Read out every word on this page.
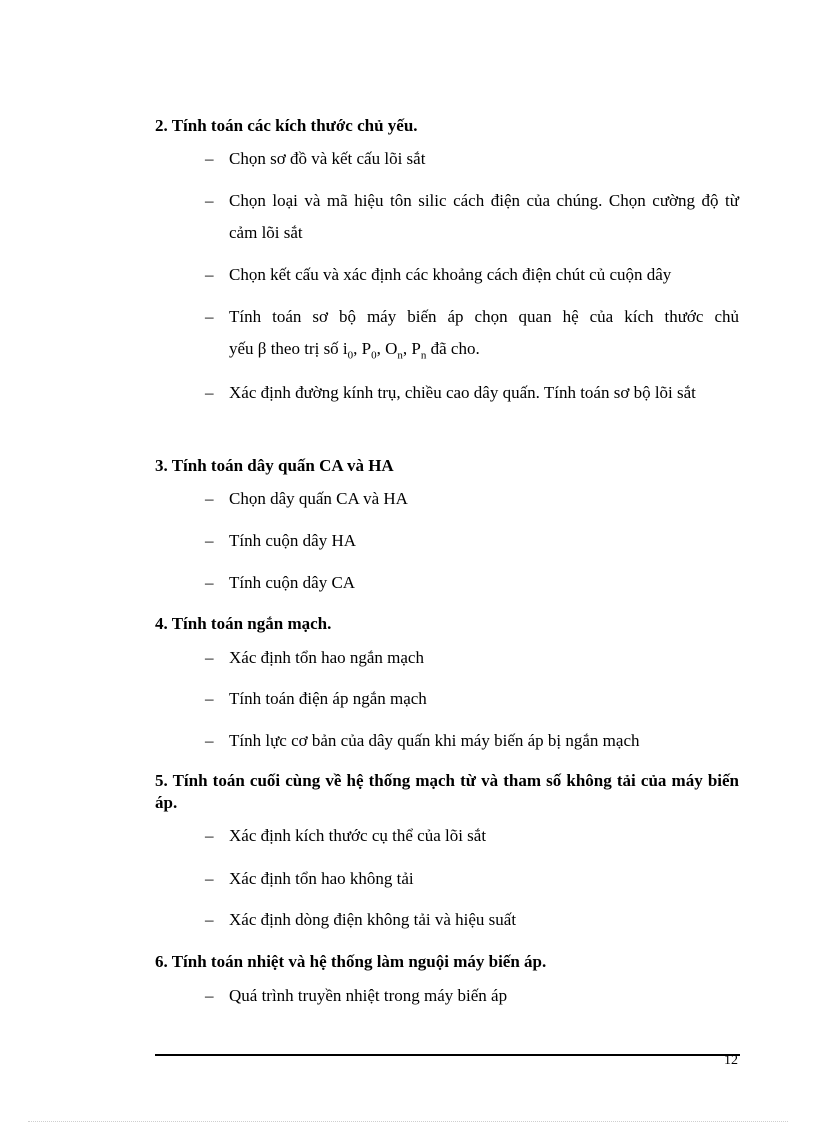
2. Tính toán các kích thước chủ yếu.
– Chọn sơ đồ và kết cấu lõi sắt
– Chọn loại và mã hiệu tôn silic cách điện của chúng. Chọn cường độ từ cảm lõi sắt
– Chọn kết cấu và xác định các khoảng cách điện chút củ cuộn dây
– Tính toán sơ bộ máy biến áp chọn quan hệ của kích thước chủ
yếu β theo trị số $i_0$, $P_0$, $O_n$, $P_n$ đã cho.
– Xác định đường kính trụ, chiều cao dây quấn. Tính toán sơ bộ lõi sắt
3. Tính toán dây quấn CA và HA
– Chọn dây quấn CA và HA
– Tính cuộn dây HA
– Tính cuộn dây CA
4. Tính toán ngắn mạch.
– Xác định tổn hao ngắn mạch
– Tính toán điện áp ngắn mạch
– Tính lực cơ bản của dây quấn khi máy biến áp bị ngắn mạch
5. Tính toán cuối cùng về hệ thống mạch từ và tham số không tải của máy biến áp.
– Xác định kích thước cụ thể của lõi sắt
– Xác định tổn hao không tải
– Xác định dòng điện không tải và hiệu suất
6. Tính toán nhiệt và hệ thống làm nguội máy biến áp.
– Quá trình truyền nhiệt trong máy biến áp
12
